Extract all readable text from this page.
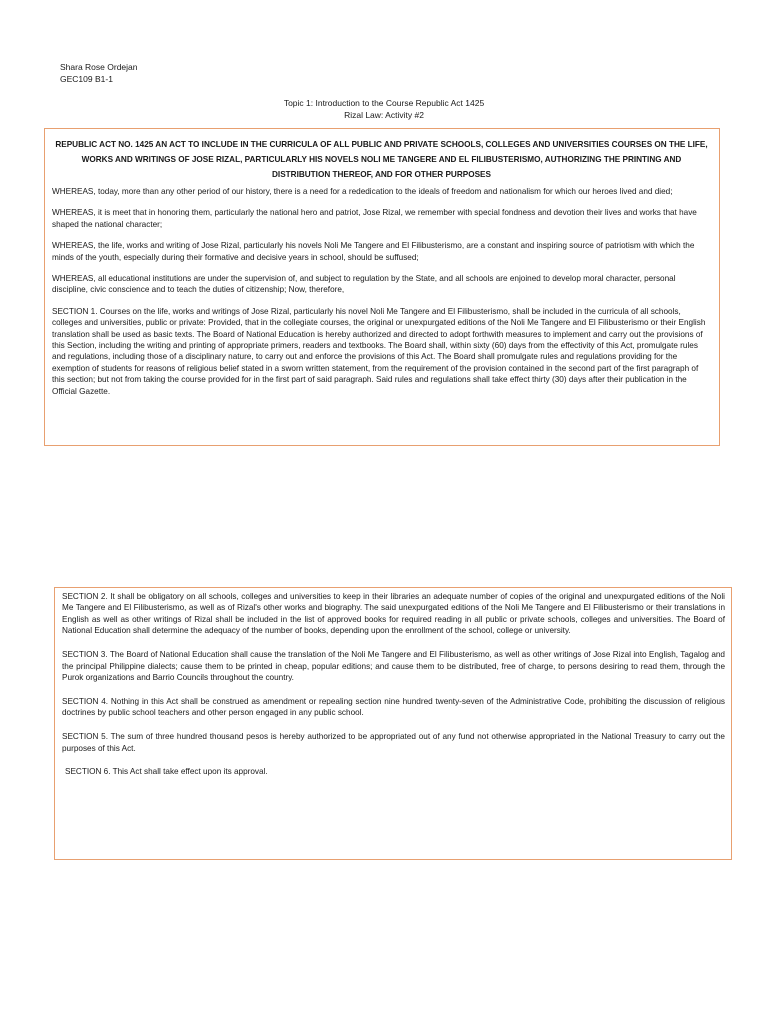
Shara Rose Ordejan
GEC109 B1-1
Topic 1: Introduction to the Course Republic Act 1425
Rizal Law: Activity #2

REPUBLIC ACT NO. 1425 AN ACT TO INCLUDE IN THE CURRICULA OF ALL PUBLIC AND PRIVATE SCHOOLS, COLLEGES AND UNIVERSITIES COURSES ON THE LIFE, WORKS AND WRITINGS OF JOSE RIZAL, PARTICULARLY HIS NOVELS NOLI ME TANGERE AND EL FILIBUSTERISMO, AUTHORIZING THE PRINTING AND DISTRIBUTION THEREOF, AND FOR OTHER PURPOSES

WHEREAS, today, more than any other period of our history, there is a need for a rededication to the ideals of freedom and nationalism for which our heroes lived and died;

WHEREAS, it is meet that in honoring them, particularly the national hero and patriot, Jose Rizal, we remember with special fondness and devotion their lives and works that have shaped the national character;

WHEREAS, the life, works and writing of Jose Rizal, particularly his novels Noli Me Tangere and El Filibusterismo, are a constant and inspiring source of patriotism with which the minds of the youth, especially during their formative and decisive years in school, should be suffused;

WHEREAS, all educational institutions are under the supervision of, and subject to regulation by the State, and all schools are enjoined to develop moral character, personal discipline, civic conscience and to teach the duties of citizenship; Now, therefore,

SECTION 1. Courses on the life, works and writings of Jose Rizal, particularly his novel Noli Me Tangere and El Filibusterismo, shall be included in the curricula of all schools, colleges and universities, public or private: Provided, that in the collegiate courses, the original or unexpurgated editions of the Noli Me Tangere and El Filibusterismo or their English translation shall be used as basic texts. The Board of National Education is hereby authorized and directed to adopt forthwith measures to implement and carry out the provisions of this Section, including the writing and printing of appropriate primers, readers and textbooks. The Board shall, within sixty (60) days from the effectivity of this Act, promulgate rules and regulations, including those of a disciplinary nature, to carry out and enforce the provisions of this Act. The Board shall promulgate rules and regulations providing for the exemption of students for reasons of religious belief stated in a sworn written statement, from the requirement of the provision contained in the second part of the first paragraph of this section; but not from taking the course provided for in the first part of said paragraph. Said rules and regulations shall take effect thirty (30) days after their publication in the Official Gazette.

SECTION 2. It shall be obligatory on all schools, colleges and universities to keep in their libraries an adequate number of copies of the original and unexpurgated editions of the Noli Me Tangere and El Filibusterismo, as well as of Rizal's other works and biography. The said unexpurgated editions of the Noli Me Tangere and El Filibusterismo or their translations in English as well as other writings of Rizal shall be included in the list of approved books for required reading in all public or private schools, colleges and universities. The Board of National Education shall determine the adequacy of the number of books, depending upon the enrollment of the school, college or university.

SECTION 3. The Board of National Education shall cause the translation of the Noli Me Tangere and El Filibusterismo, as well as other writings of Jose Rizal into English, Tagalog and the principal Philippine dialects; cause them to be printed in cheap, popular editions; and cause them to be distributed, free of charge, to persons desiring to read them, through the Purok organizations and Barrio Councils throughout the country.

SECTION 4. Nothing in this Act shall be construed as amendment or repealing section nine hundred twenty-seven of the Administrative Code, prohibiting the discussion of religious doctrines by public school teachers and other person engaged in any public school.

SECTION 5. The sum of three hundred thousand pesos is hereby authorized to be appropriated out of any fund not otherwise appropriated in the National Treasury to carry out the purposes of this Act.

SECTION 6. This Act shall take effect upon its approval.
